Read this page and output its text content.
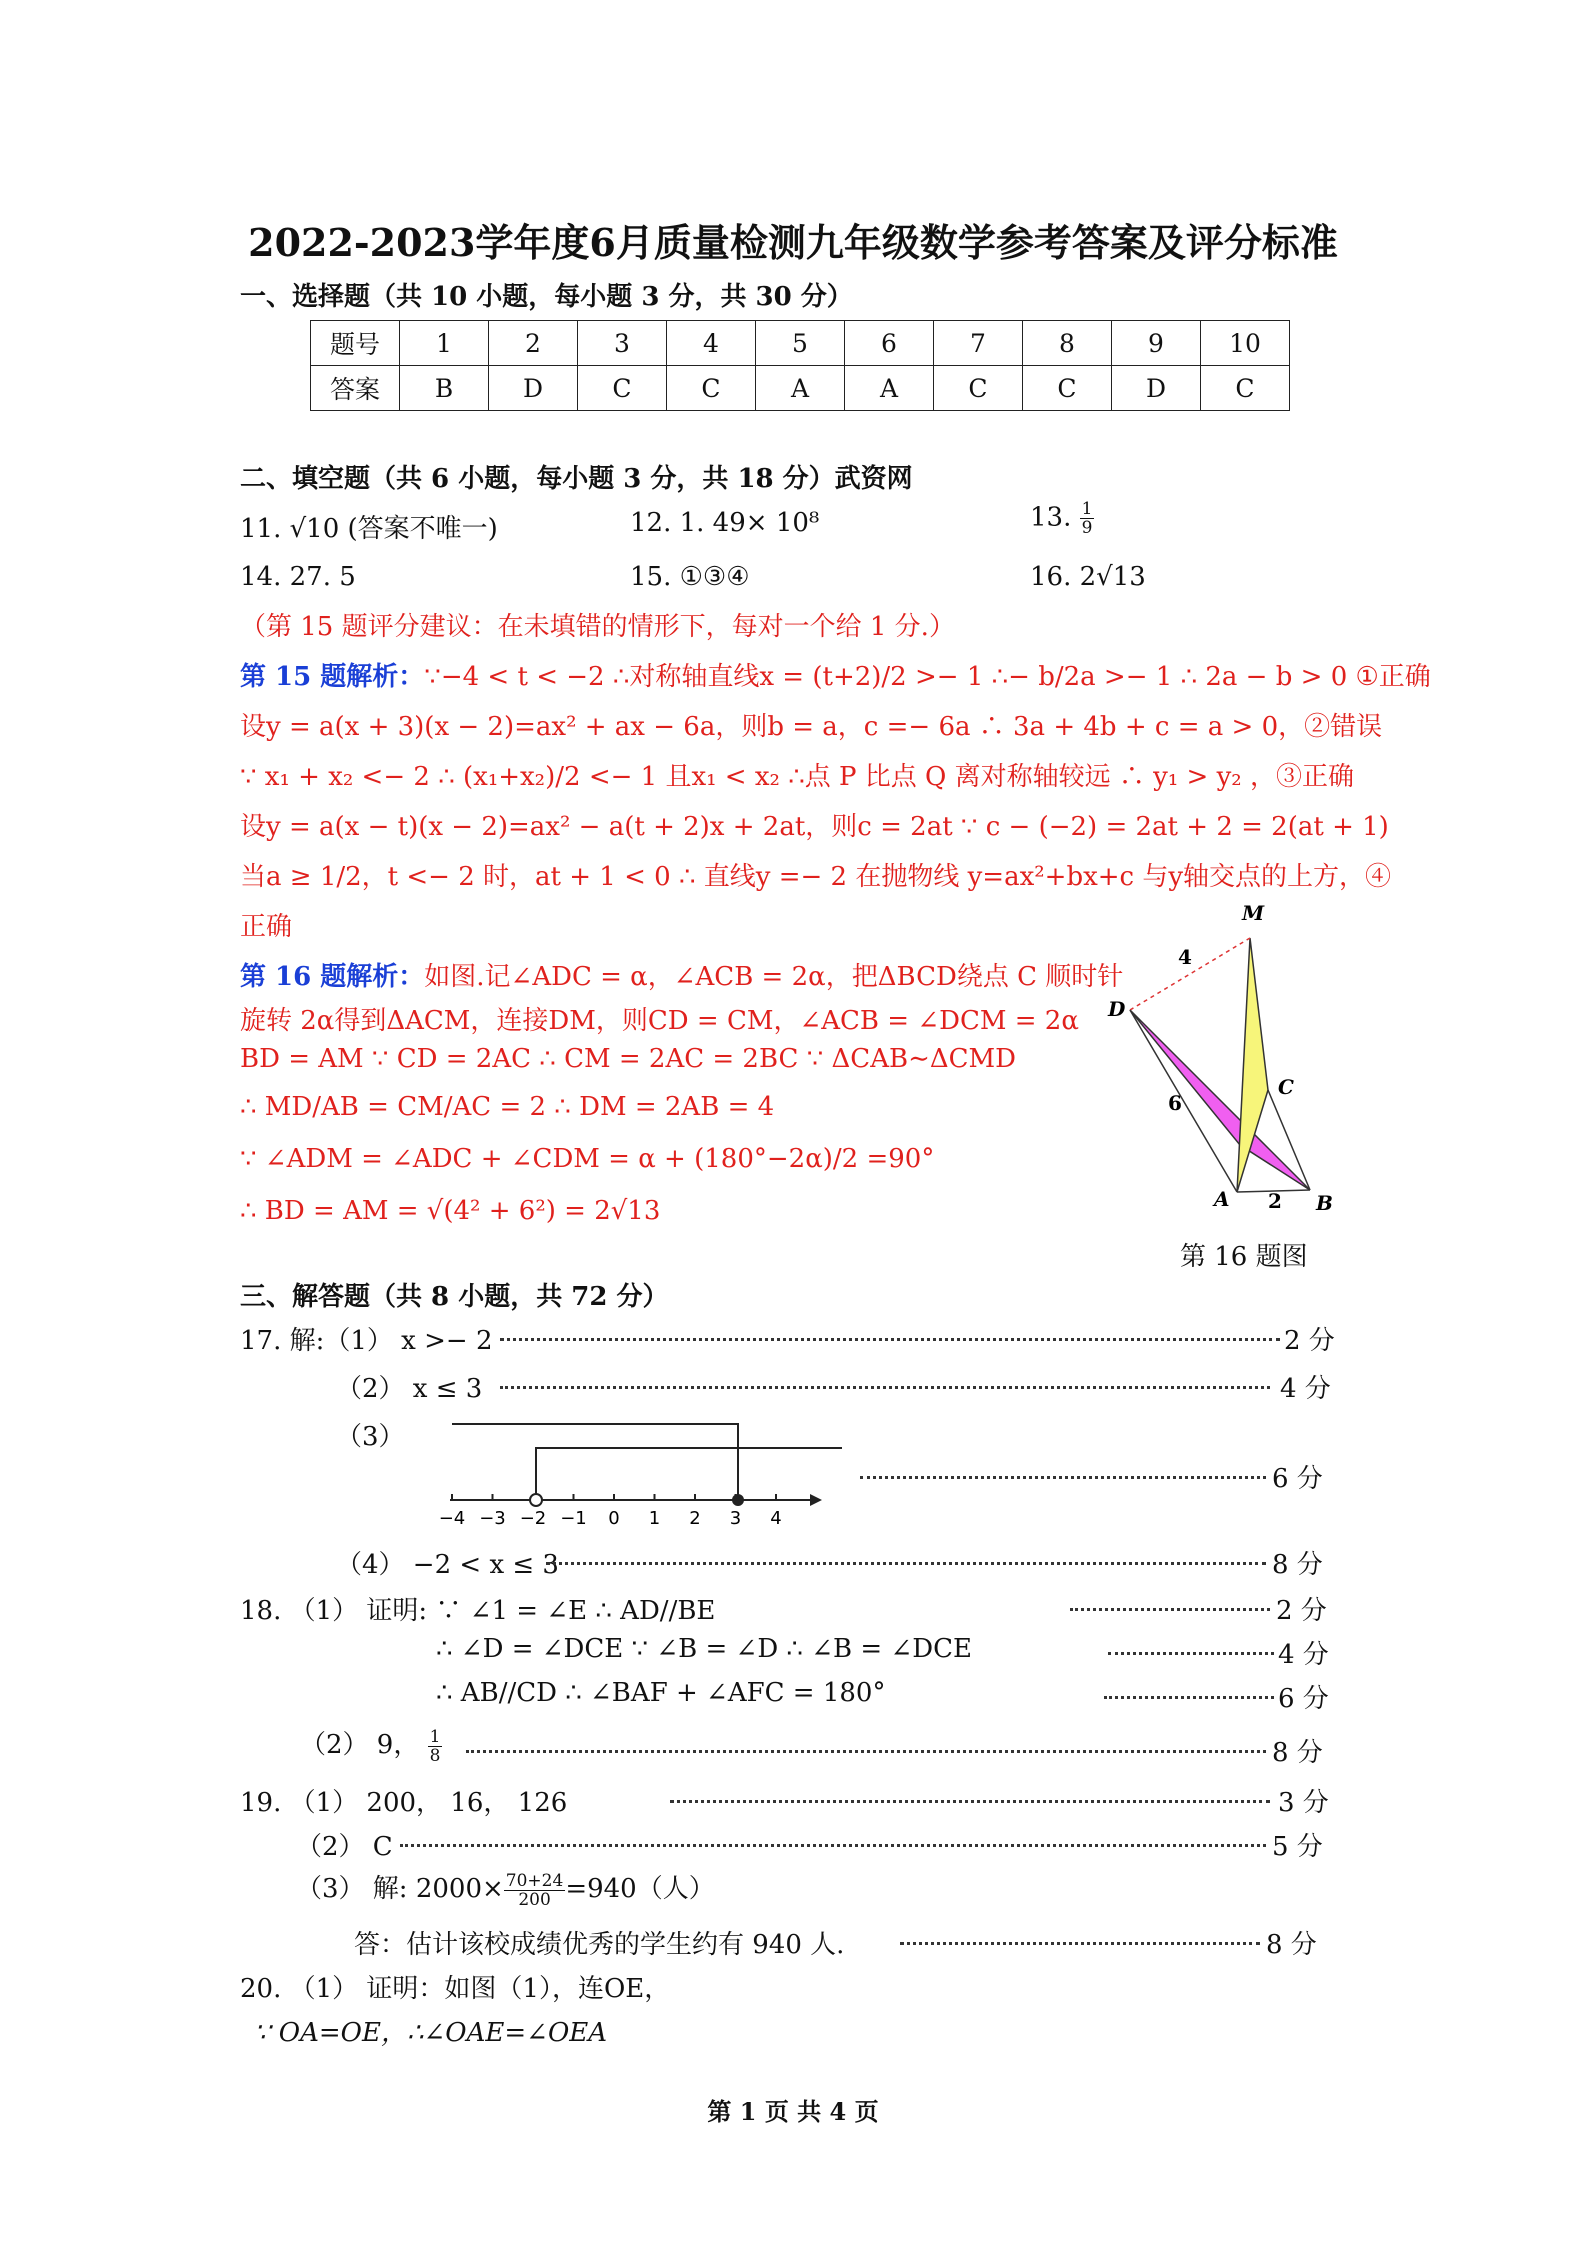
2022-2023学年度6月质量检测九年级数学参考答案及评分标准
一、选择题（共 10 小题，每小题 3 分，共 30 分）
题号	1	2	3	4	5	6	7	8	9	10
答案	B	D	C	C	A	A	C	C	D	C
二、填空题（共 6 小题，每小题 3 分，共 18 分）武资网
11. √10 (答案不唯一)	12. 1. 49× 10⁸	13. $\frac{1}{9}$
14. 27. 5	15. ①③④	16. 2√13
（第 15 题评分建议：在未填错的情形下，每对一个给 1 分.）
第 15 题解析：∵−4 < t < −2 ∴对称轴直线x = (t+2)/2 >− 1 ∴− b/2a >− 1 ∴ 2a − b > 0 ①正确
设y = a(x + 3)(x − 2)=ax² + ax − 6a，则b = a，c =− 6a ∴ 3a + 4b + c = a > 0，②错误
∵ x₁ + x₂ <− 2 ∴ (x₁+x₂)/2 <− 1 且x₁ < x₂ ∴点 P 比点 Q 离对称轴较远 ∴ y₁ > y₂ ，③正确
设y = a(x − t)(x − 2)=ax² − a(t + 2)x + 2at，则c = 2at ∵ c − (−2) = 2at + 2 = 2(at + 1)
当a ≥ 1/2，t <− 2 时，at + 1 < 0 ∴ 直线y =− 2 在抛物线 y=ax²+bx+c 与y轴交点的上方，④
正确
第 16 题解析：如图.记∠ADC = α，∠ACB = 2α，把ΔBCD绕点 C 顺时针
旋转 2α得到ΔACM，连接DM，则CD = CM，∠ACB = ∠DCM = 2α
BD = AM ∵ CD = 2AC ∴ CM = 2AC = 2BC ∵ ΔCAB∼ΔCMD
∴ MD/AB = CM/AC = 2 ∴ DM = 2AB = 4
∵ ∠ADM = ∠ADC + ∠CDM = α + (180°−2α)/2 =90°
∴ BD = AM = √(4² + 6²) = 2√13
M
D
C
A	B
4
6
2
第 16 题图
三、解答题（共 8 小题，共 72 分）
17. 解:（1） x >− 2	2 分
（2） x ≤ 3	4 分
（3）
−4 −3 −2 −1 0 1 2 3 4
6 分
（4） −2 < x ≤ 3	8 分
18. （1） 证明: ∵ ∠1 = ∠E ∴ AD//BE	2 分
∴ ∠D = ∠DCE ∵ ∠B = ∠D ∴ ∠B = ∠DCE	4 分
∴ AB//CD ∴ ∠BAF + ∠AFC = 180°	6 分
（2） 9， $\frac{1}{8}$	8 分
19. （1） 200， 16， 126	3 分
（2） C	5 分
（3） 解: $2000\times \frac{70+24}{200} =940$（人）
答：估计该校成绩优秀的学生约有 940 人.	8 分
20. （1） 证明：如图（1），连OE，
∵ OA=OE，∴∠OAE=∠OEA
第 1 页 共 4 页
